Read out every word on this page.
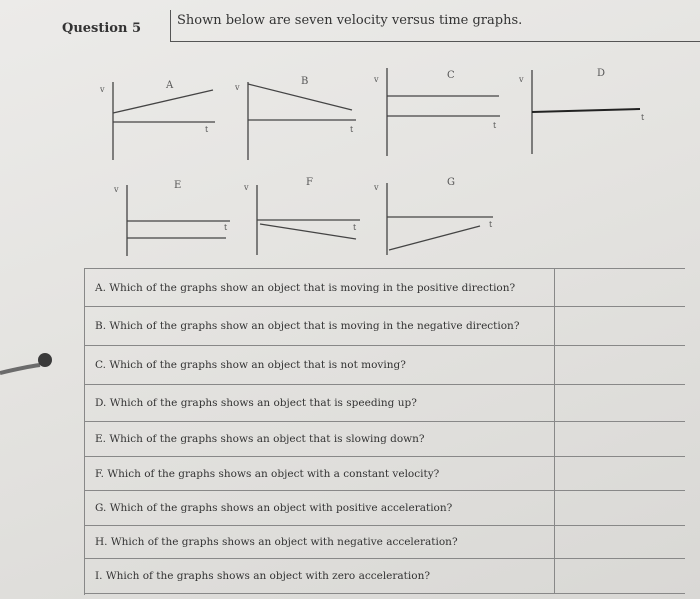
Question 5
Shown below are seven velocity versus time graphs.
A
v
t
B
v
t
C
v
t
D
v
t
E
v
t
F
v
t
G
v
t
A. Which of the graphs show an object that is moving in the positive direction?
B. Which of the graphs show an object that is moving in the negative direction?
C. Which of the graphs show an object that is not moving?
D. Which of the graphs shows an object that is speeding up?
E. Which of the graphs shows an object that is slowing down?
F. Which of the graphs shows an object with a constant velocity?
G. Which of the graphs shows an object with positive acceleration?
H. Which of the graphs shows an object with negative acceleration?
I. Which of the graphs shows an object with zero acceleration?
